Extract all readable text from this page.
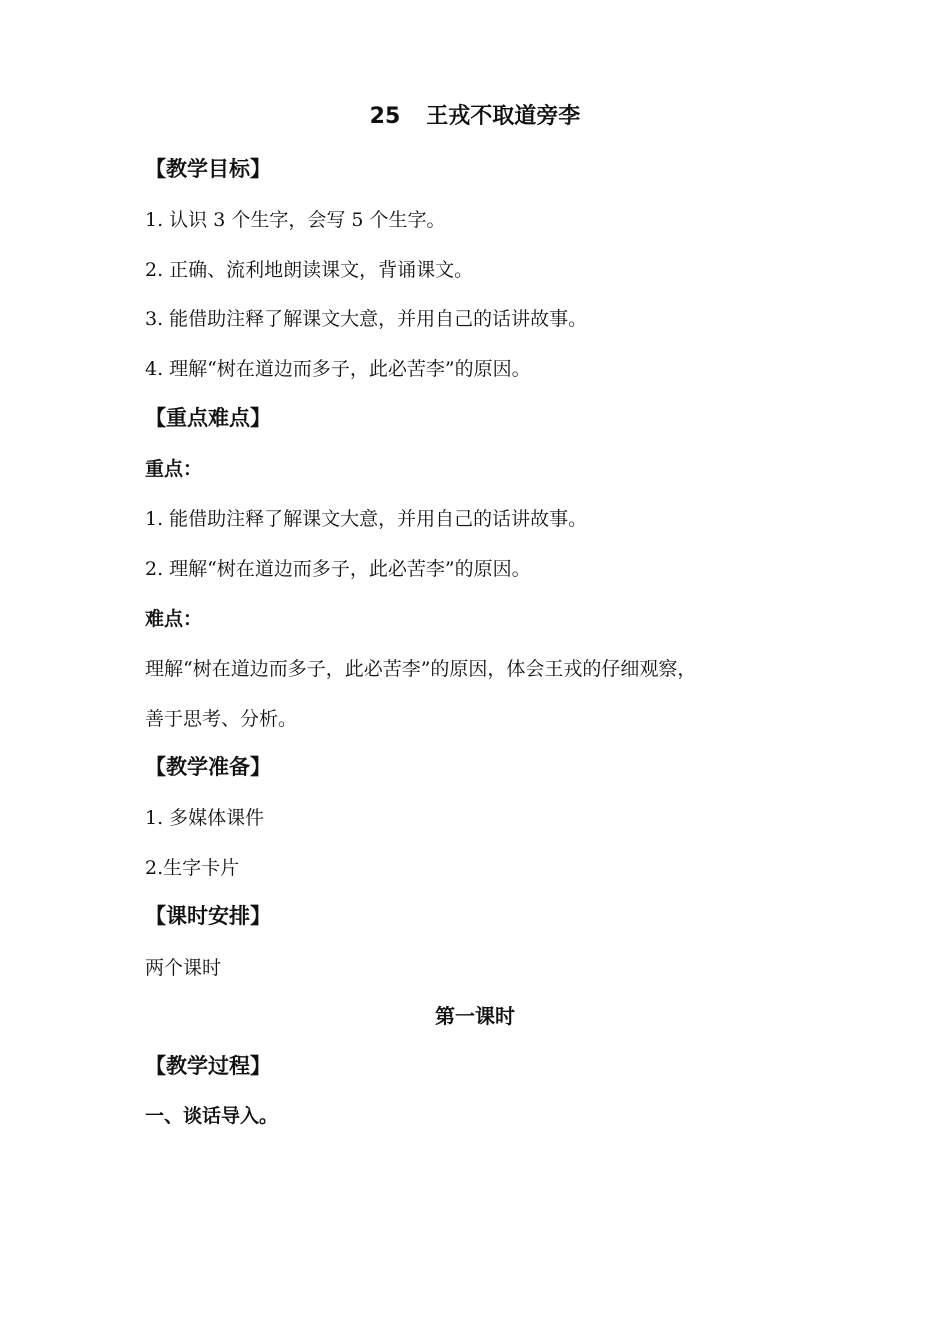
25 王戎不取道旁李
【教学目标】
1. 认识 3 个生字，会写 5 个生字。
2. 正确、流利地朗读课文，背诵课文。
3. 能借助注释了解课文大意，并用自己的话讲故事。
4. 理解“树在道边而多子，此必苦李”的原因。
【重点难点】
重点：
1. 能借助注释了解课文大意，并用自己的话讲故事。
2. 理解“树在道边而多子，此必苦李”的原因。
难点：
理解“树在道边而多子，此必苦李”的原因，体会王戎的仔细观察，
善于思考、分析。
【教学准备】
1. 多媒体课件
2.生字卡片
【课时安排】
两个课时
第一课时
【教学过程】
一、谈话导入。
